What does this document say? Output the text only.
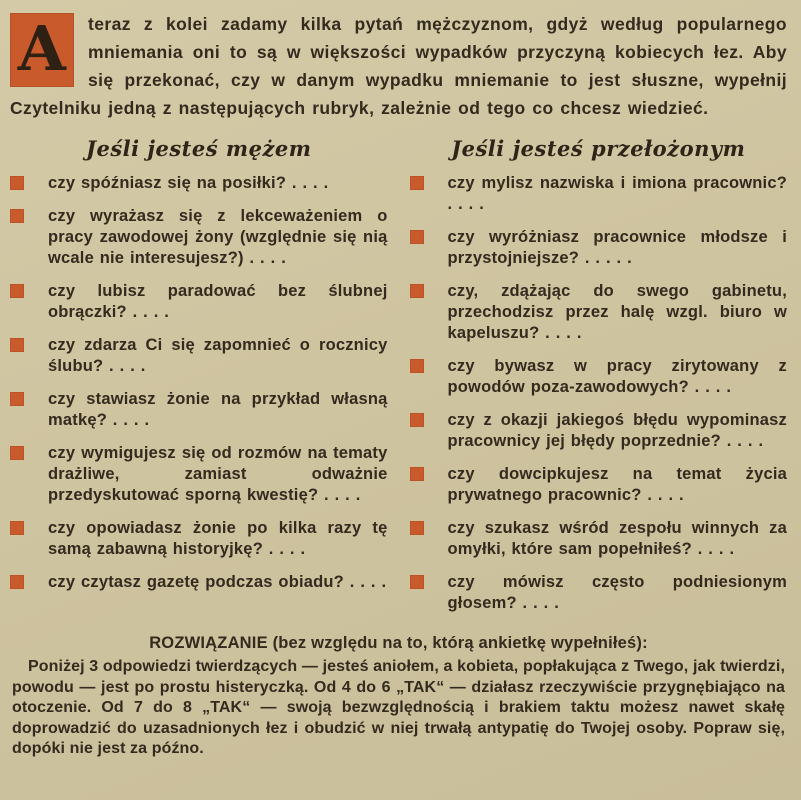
A	teraz z kolei zadamy kilka pytań mężczyznom, gdyż według popularnego mniemania oni to są w większości wypadków przyczyną kobiecych łez. Aby się przekonać, czy w danym wypadku mniemanie to jest słuszne, wypełnij Czytelniku jedną z następujących rubryk, zależnie od tego co chcesz wiedzieć.
Jeśli jesteś mężem
czy spóźniasz się na posiłki? . . . .
czy wyrażasz się z lekceważeniem o pracy zawodowej żony (względnie się nią wcale nie interesujesz?) . . . .
czy lubisz paradować bez ślubnej obrączki? . . . .
czy zdarza Ci się zapomnieć o rocznicy ślubu? . . . .
czy stawiasz żonie na przykład własną matkę? . . . .
czy wymigujesz się od rozmów na tematy drażliwe, zamiast odważnie przedyskutować sporną kwestię? . . . .
czy opowiadasz żonie po kilka razy tę samą zabawną historyjkę? . . . .
czy czytasz gazetę podczas obiadu? . . . .
Jeśli jesteś przełożonym
czy mylisz nazwiska i imiona pracownic? . . . .
czy wyróżniasz pracownice młodsze i przystojniejsze? . . . . .
czy, zdążając do swego gabinetu, przechodzisz przez halę wzgl. biuro w kapeluszu? . . . .
czy bywasz w pracy zirytowany z powodów poza-zawodowych? . . . .
czy z okazji jakiegoś błędu wypominasz pracownicy jej błędy poprzednie? . . . .
czy dowcipkujesz na temat życia prywatnego pracownic? . . . .
czy szukasz wśród zespołu winnych za omyłki, które sam popełniłeś? . . . .
czy mówisz często podniesionym głosem? . . . .
ROZWIĄZANIE (bez względu na to, którą ankietkę wypełniłeś):

Poniżej 3 odpowiedzi twierdzących — jesteś aniołem, a kobieta, popłakująca z Twego, jak twierdzi, powodu — jest po prostu histeryczką. Od 4 do 6 „TAK“ — działasz rzeczywiście przygnębiająco na otoczenie. Od 7 do 8 „TAK“ — swoją bezwzględnością i brakiem taktu możesz nawet skałę doprowadzić do uzasadnionych łez i obudzić w niej trwałą antypatię do Twojej osoby. Popraw się, dopóki nie jest za późno.
